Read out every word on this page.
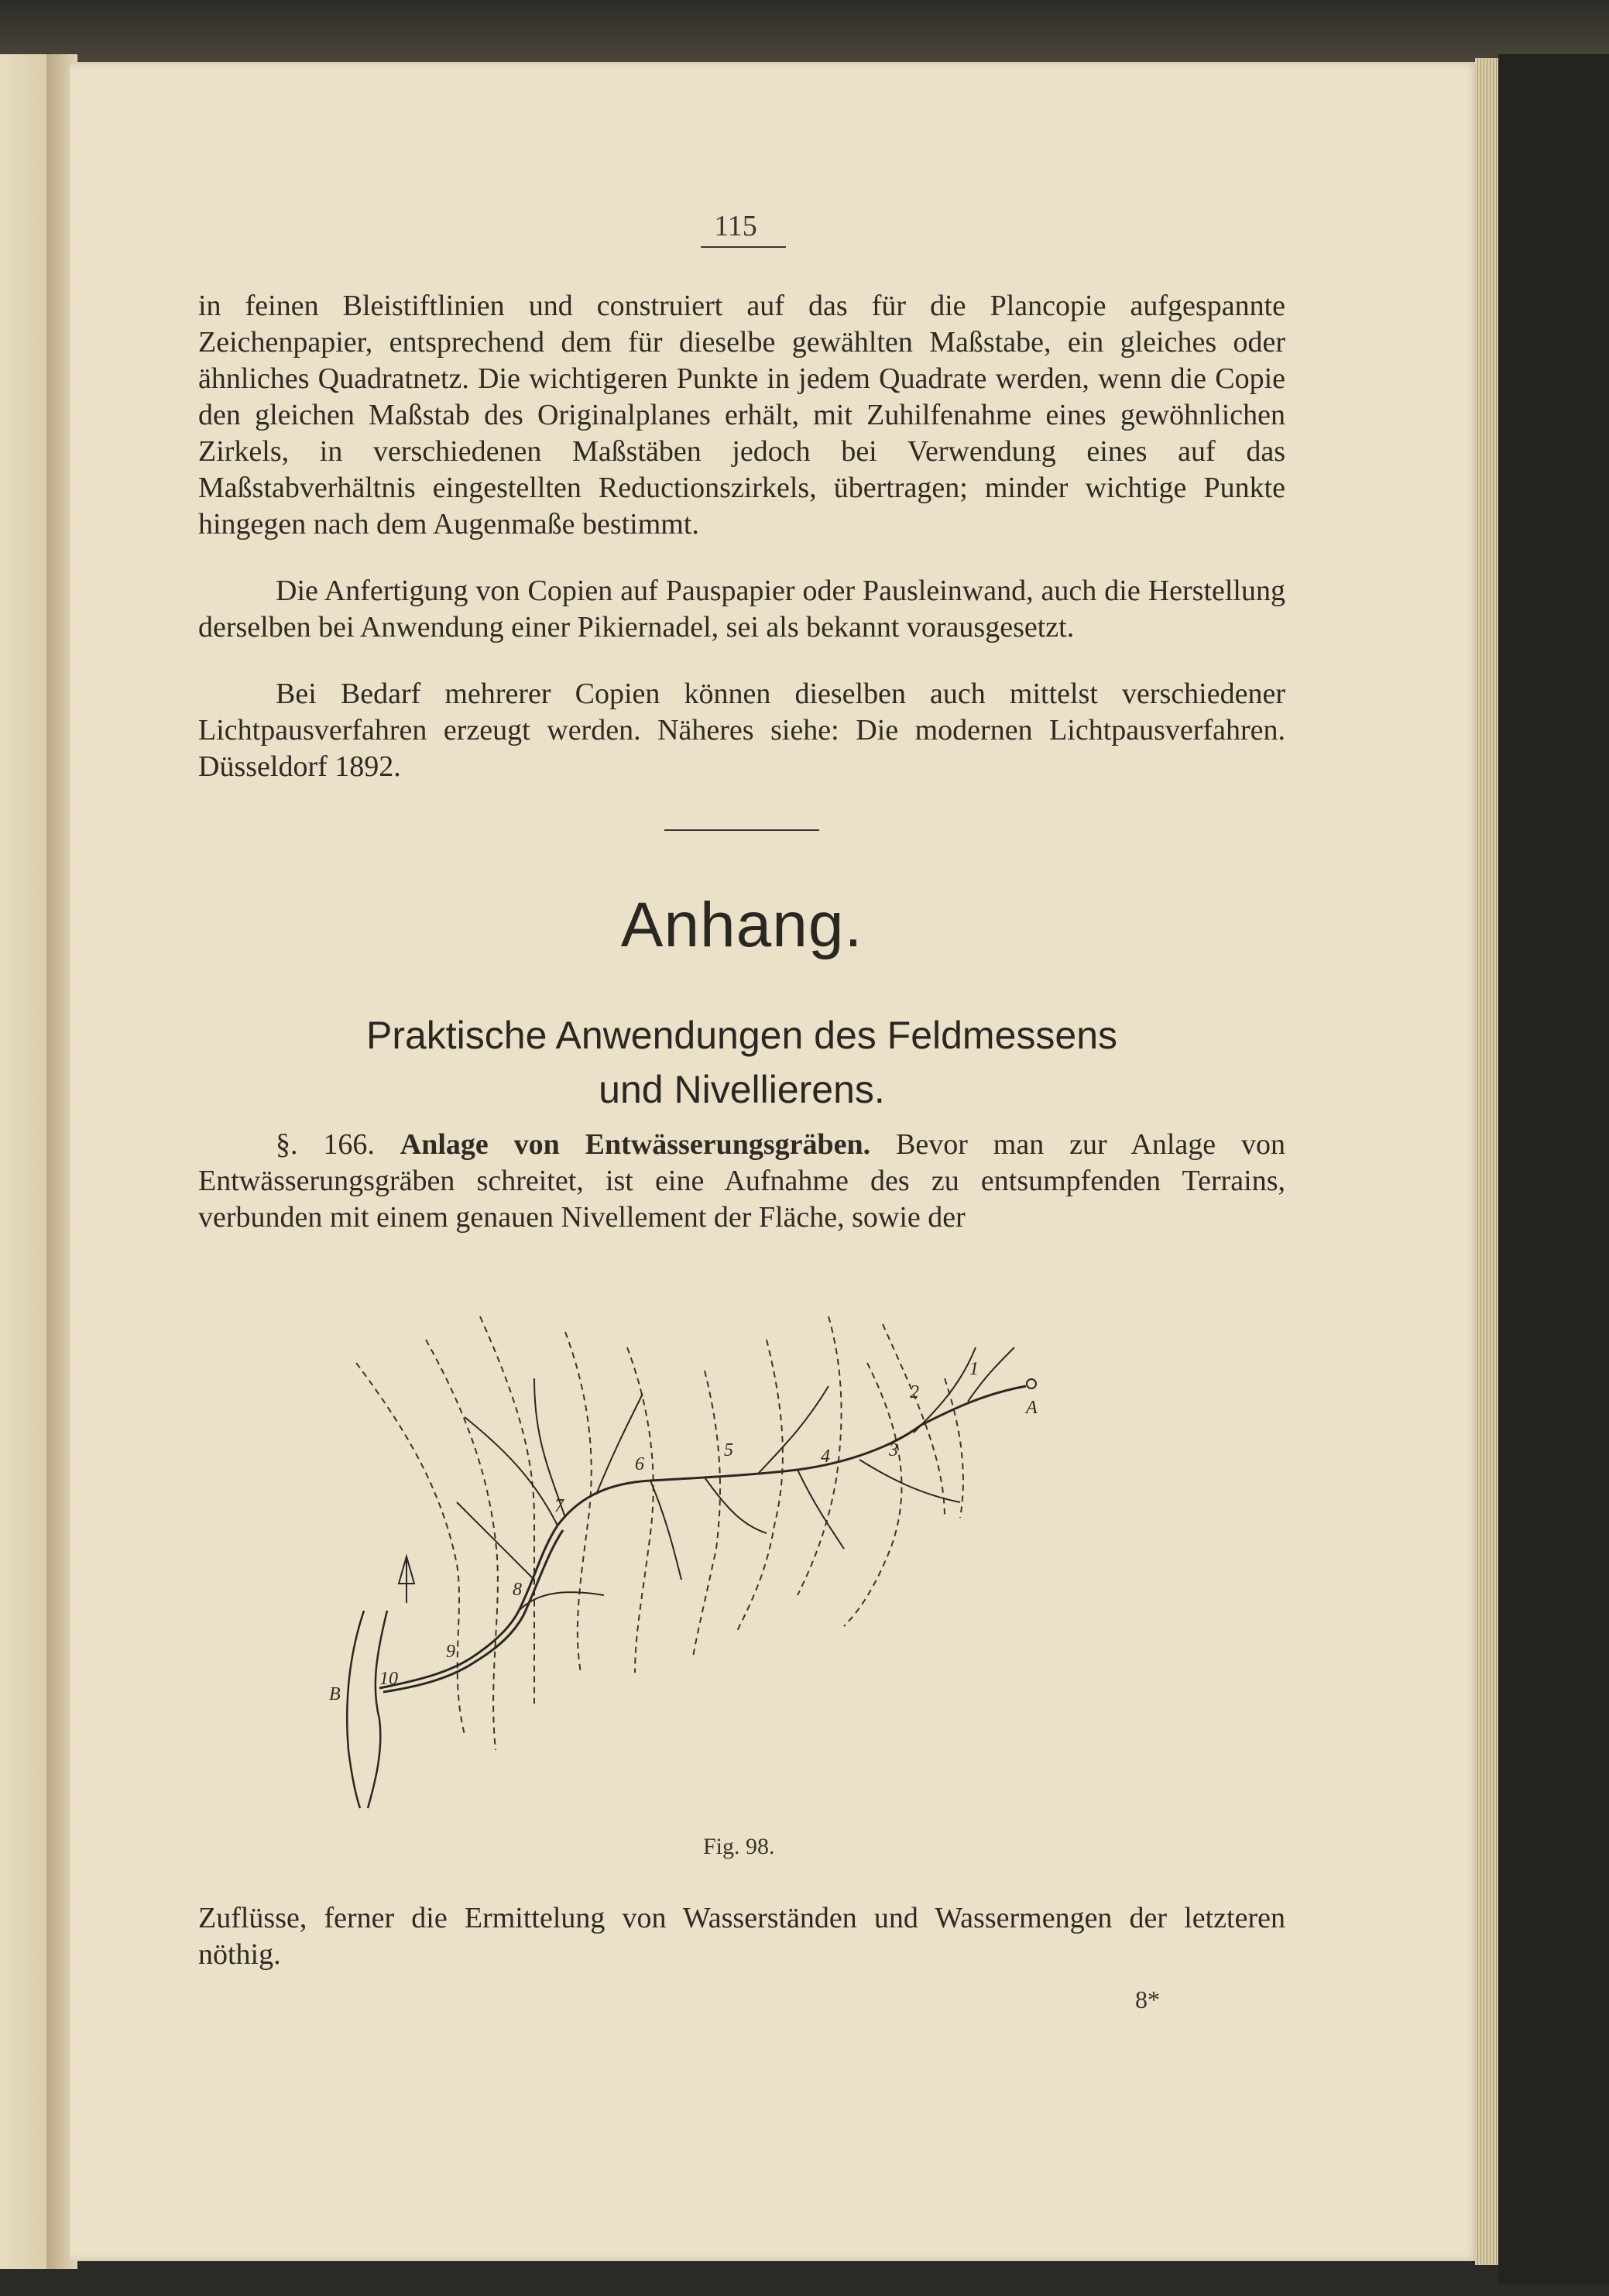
115
in feinen Bleistiftlinien und construiert auf das für die Plancopie aufgespannte Zeichenpapier, entsprechend dem für dieselbe gewählten Maßstabe, ein gleiches oder ähnliches Quadratnetz. Die wichtigeren Punkte in jedem Quadrate werden, wenn die Copie den gleichen Maßstab des Originalplanes erhält, mit Zuhilfenahme eines gewöhnlichen Zirkels, in verschiedenen Maßstäben jedoch bei Verwendung eines auf das Maßstabverhältnis eingestellten Reductionszirkels, übertragen; minder wichtige Punkte hingegen nach dem Augenmaße bestimmt.
Die Anfertigung von Copien auf Pauspapier oder Pausleinwand, auch die Herstellung derselben bei Anwendung einer Pikiernadel, sei als bekannt vorausgesetzt.
Bei Bedarf mehrerer Copien können dieselben auch mittelst verschiedener Lichtpausverfahren erzeugt werden. Näheres siehe: Die modernen Lichtpausverfahren. Düsseldorf 1892.
Anhang.
Praktische Anwendungen des Feldmessens
und Nivellierens.
§. 166. Anlage von Entwässerungsgräben. Bevor man zur Anlage von Entwässerungsgräben schreitet, ist eine Aufnahme des zu entsumpfenden Terrains, verbunden mit einem genauen Nivellement der Fläche, sowie der
A
B
1
2
3
4
5
6
7
8
9
10
Fig. 98.
Zuflüsse, ferner die Ermittelung von Wasserständen und Wassermengen der letzteren nöthig.
8*
